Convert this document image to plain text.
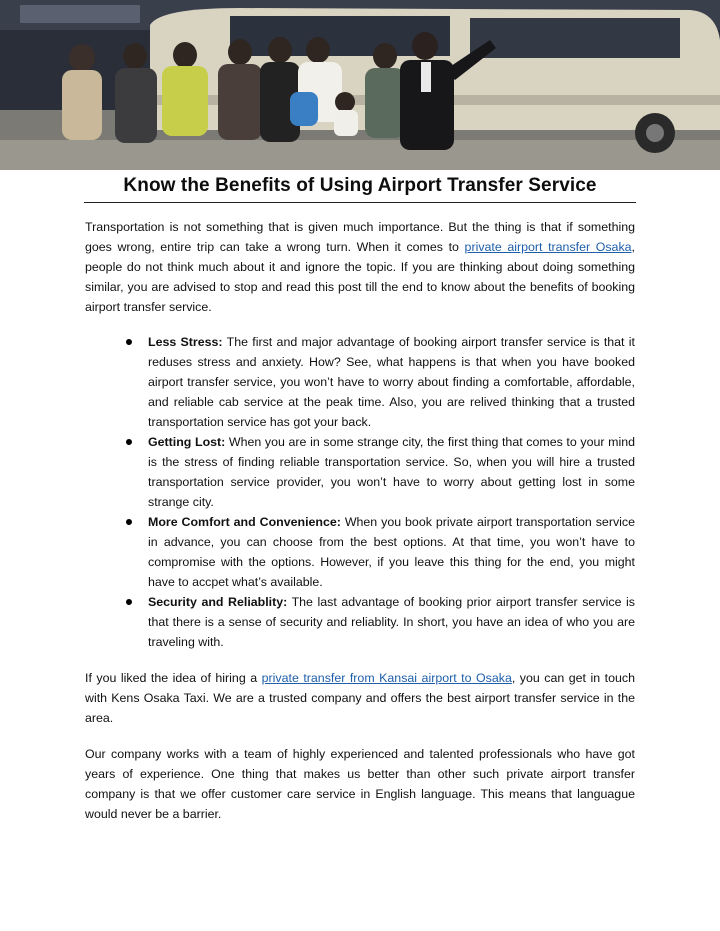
Know the Benefits of Using Airport Transfer Service

Transportation is not something that is given much importance. But the thing is that if something goes wrong, entire trip can take a wrong turn. When it comes to private airport transfer Osaka, people do not think much about it and ignore the topic. If you are thinking about doing something similar, you are advised to stop and read this post till the end to know about the benefits of booking airport transfer service.

Less Stress: The first and major advantage of booking airport transfer service is that it reduses stress and anxiety. How? See, what happens is that when you have booked airport transfer service, you won’t have to worry about finding a comfortable, affordable, and reliable cab service at the peak time. Also, you are relived thinking that a trusted transportation service has got your back.
Getting Lost: When you are in some strange city, the first thing that comes to your mind is the stress of finding reliable transportation service. So, when you will hire a trusted transportation service provider, you won’t have to worry about getting lost in some strange city.
More Comfort and Convenience: When you book private airport transportation service in advance, you can choose from the best options. At that time, you won’t have to compromise with the options. However, if you leave this thing for the end, you might have to accpet what’s available.
Security and Reliablity: The last advantage of booking prior airport transfer service is that there is a sense of security and reliablity. In short, you have an idea of who you are traveling with.

If you liked the idea of hiring a private transfer from Kansai airport to Osaka, you can get in touch with Kens Osaka Taxi. We are a trusted company and offers the best airport transfer service in the area.

Our company works with a team of highly experienced and talented professionals who have got years of experience. One thing that makes us better than other such private airport transfer company is that we offer customer care service in English language. This means that languague would never be a barrier.
